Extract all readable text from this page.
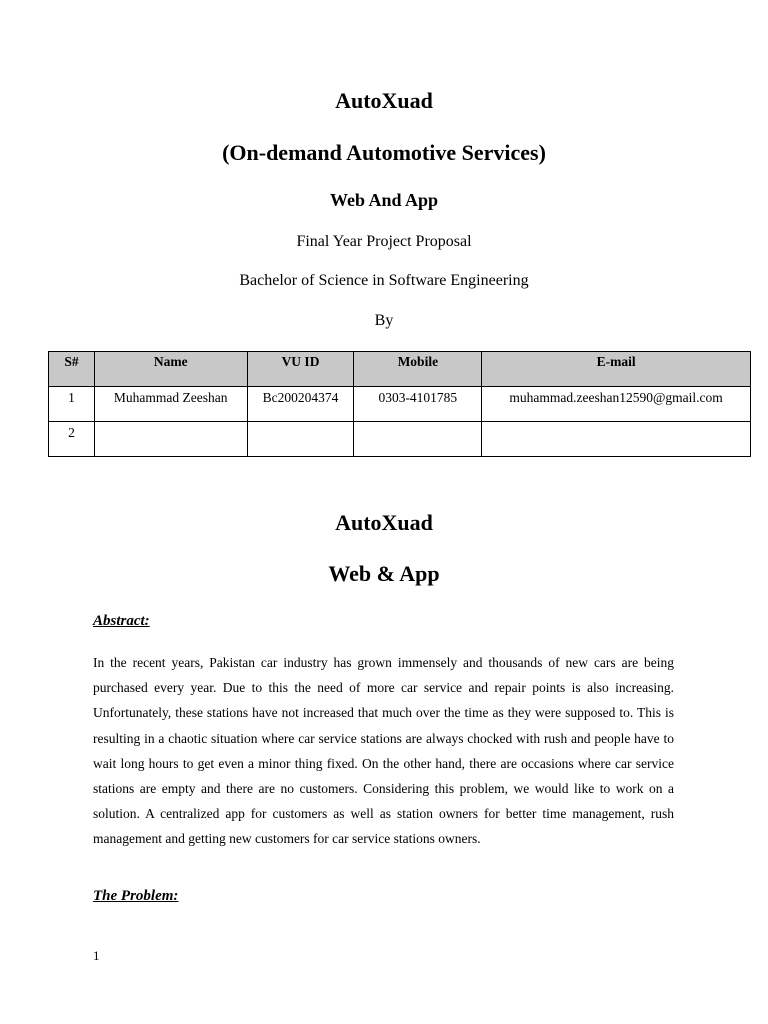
AutoXuad
(On-demand Automotive Services)
Web And App
Final Year Project Proposal
Bachelor of Science in Software Engineering
By
S#	Name	VU ID	Mobile	E-mail
1	Muhammad Zeeshan	Bc200204374	0303-4101785	muhammad.zeeshan12590@gmail.com
2				
AutoXuad
Web & App
Abstract:

In the recent years, Pakistan car industry has grown immensely and thousands of new cars are being purchased every year. Due to this the need of more car service and repair points is also increasing. Unfortunately, these stations have not increased that much over the time as they were supposed to. This is resulting in a chaotic situation where car service stations are always chocked with rush and people have to wait long hours to get even a minor thing fixed. On the other hand, there are occasions where car service stations are empty and there are no customers. Considering this problem, we would like to work on a solution. A centralized app for customers as well as station owners for better time management, rush management and getting new customers for car service stations owners.

The Problem:
1
